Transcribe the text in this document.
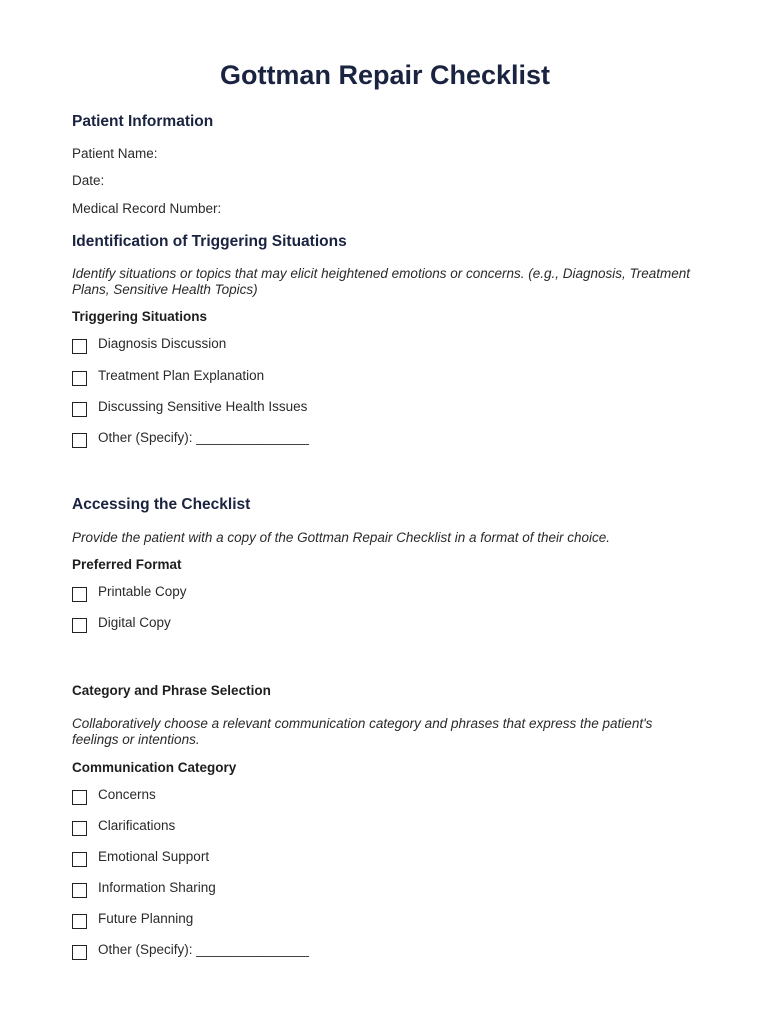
Gottman Repair Checklist
Patient Information
Patient Name:
Date:
Medical Record Number:
Identification of Triggering Situations
Identify situations or topics that may elicit heightened emotions or concerns. (e.g., Diagnosis, Treatment Plans, Sensitive Health Topics)
Triggering Situations
Diagnosis Discussion
Treatment Plan Explanation
Discussing Sensitive Health Issues
Other (Specify): _______________
Accessing the Checklist
Provide the patient with a copy of the Gottman Repair Checklist in a format of their choice.
Preferred Format
Printable Copy
Digital Copy
Category and Phrase Selection
Collaboratively choose a relevant communication category and phrases that express the patient's feelings or intentions.
Communication Category
Concerns
Clarifications
Emotional Support
Information Sharing
Future Planning
Other (Specify): _______________
